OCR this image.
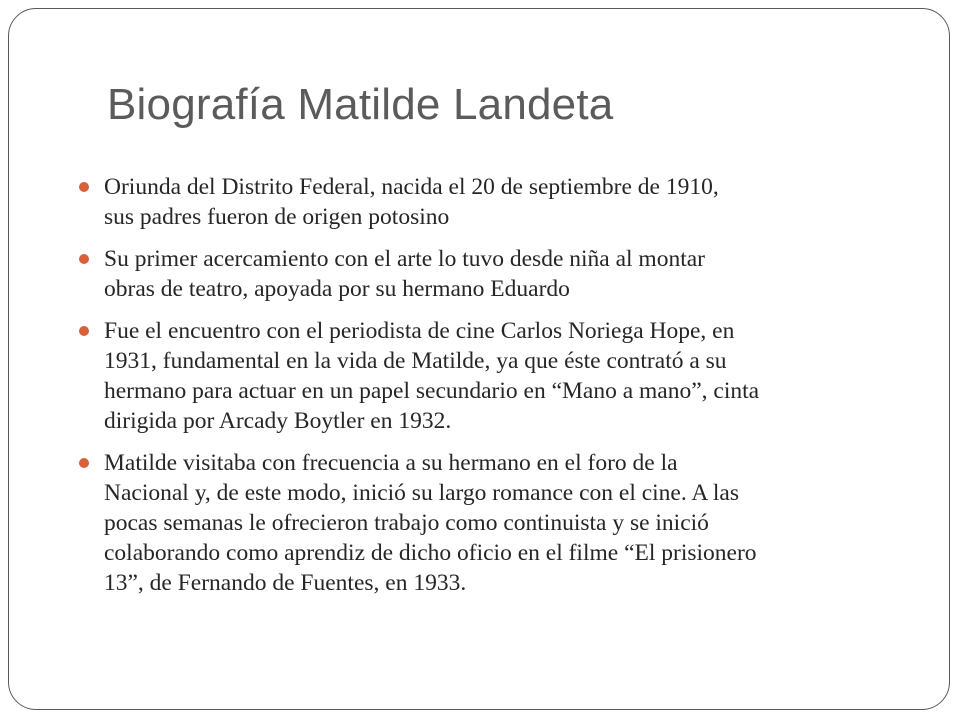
Biografía Matilde Landeta
Oriunda del Distrito Federal, nacida el 20 de septiembre de 1910,
sus padres fueron de origen potosino
Su primer acercamiento con el arte lo tuvo desde niña al montar
obras de teatro, apoyada por su hermano Eduardo
Fue el encuentro con el periodista de cine Carlos Noriega Hope, en
1931, fundamental en la vida de Matilde, ya que éste contrató a su
hermano para actuar en un papel secundario en “Mano a mano”, cinta
dirigida por Arcady Boytler en 1932.
Matilde visitaba con frecuencia a su hermano en el foro de la
Nacional y, de este modo, inició su largo romance con el cine. A las
pocas semanas le ofrecieron trabajo como continuista y se inició
colaborando como aprendiz de dicho oficio en el filme “El prisionero
13”, de Fernando de Fuentes, en 1933.
